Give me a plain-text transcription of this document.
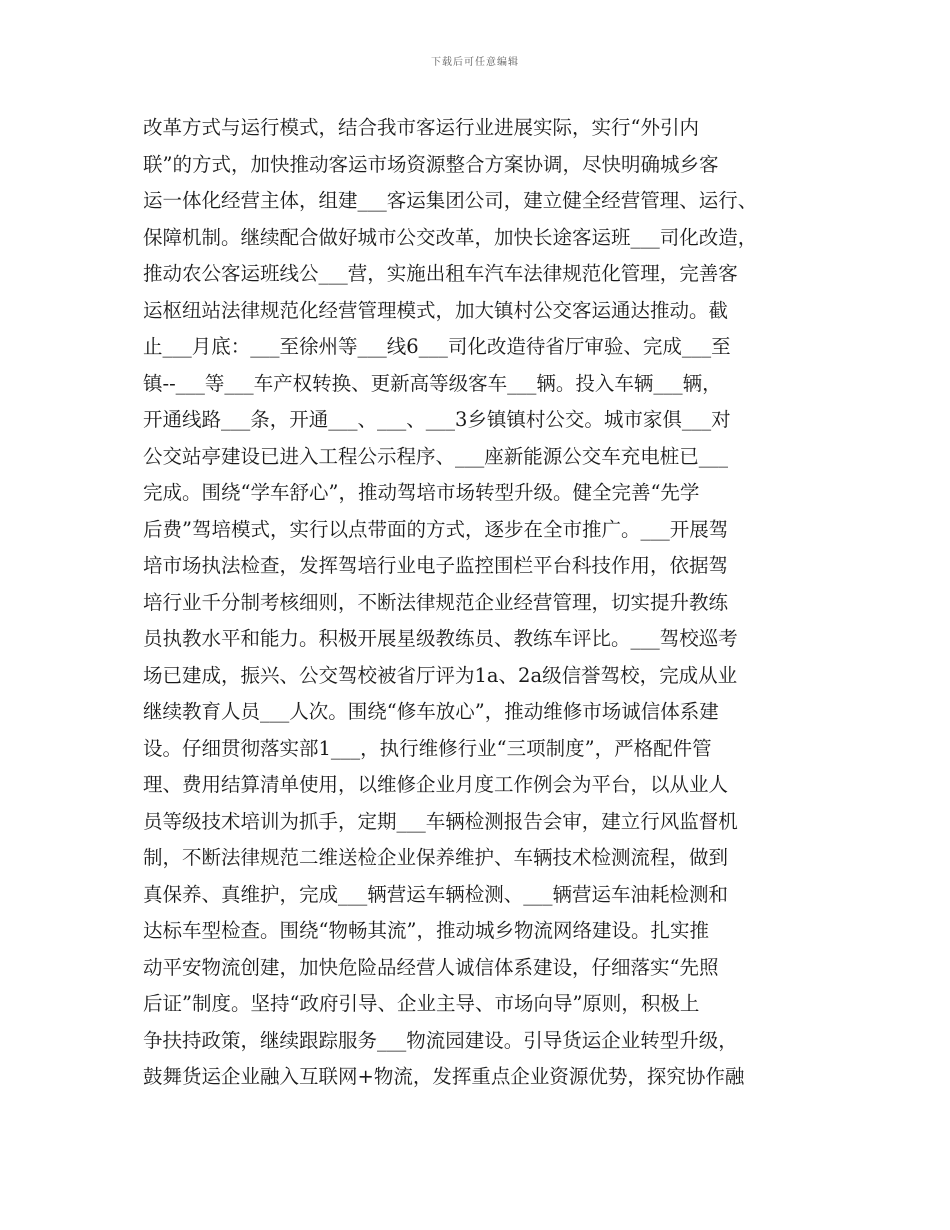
下载后可任意编辑
改革方式与运行模式，结合我市客运行业进展实际，实行“外引内
联”的方式，加快推动客运市场资源整合方案协调，尽快明确城乡客
运一体化经营主体，组建___客运集团公司，建立健全经营管理、运行、
保障机制。继续配合做好城市公交改革，加快长途客运班___司化改造，
推动农公客运班线公___营，实施出租车汽车法律规范化管理，完善客
运枢纽站法律规范化经营管理模式，加大镇村公交客运通达推动。截
止___月底：___至徐州等___线6___司化改造待省厅审验、完成___至
镇--___等___车产权转换、更新高等级客车___辆。投入车辆___辆，
开通线路___条，开通___、___、___3乡镇镇村公交。城市家俱___对
公交站亭建设已进入工程公示程序、___座新能源公交车充电桩已___
完成。围绕“学车舒心”，推动驾培市场转型升级。健全完善“先学
后费”驾培模式，实行以点带面的方式，逐步在全市推广。___开展驾
培市场执法检查，发挥驾培行业电子监控围栏平台科技作用，依据驾
培行业千分制考核细则，不断法律规范企业经营管理，切实提升教练
员执教水平和能力。积极开展星级教练员、教练车评比。___驾校巡考
场已建成，振兴、公交驾校被省厅评为1a、2a级信誉驾校，完成从业
继续教育人员___人次。围绕“修车放心”，推动维修市场诚信体系建
设。仔细贯彻落实部1___，执行维修行业“三项制度”，严格配件管
理、费用结算清单使用，以维修企业月度工作例会为平台，以从业人
员等级技术培训为抓手，定期___车辆检测报告会审，建立行风监督机
制，不断法律规范二维送检企业保养维护、车辆技术检测流程，做到
真保养、真维护，完成___辆营运车辆检测、___辆营运车油耗检测和
达标车型检查。围绕“物畅其流”，推动城乡物流网络建设。扎实推
动平安物流创建，加快危险品经营人诚信体系建设，仔细落实“先照
后证”制度。坚持“政府引导、企业主导、市场向导”原则，积极上
争扶持政策，继续跟踪服务___物流园建设。引导货运企业转型升级，
鼓舞货运企业融入互联网+物流，发挥重点企业资源优势，探究协作融
